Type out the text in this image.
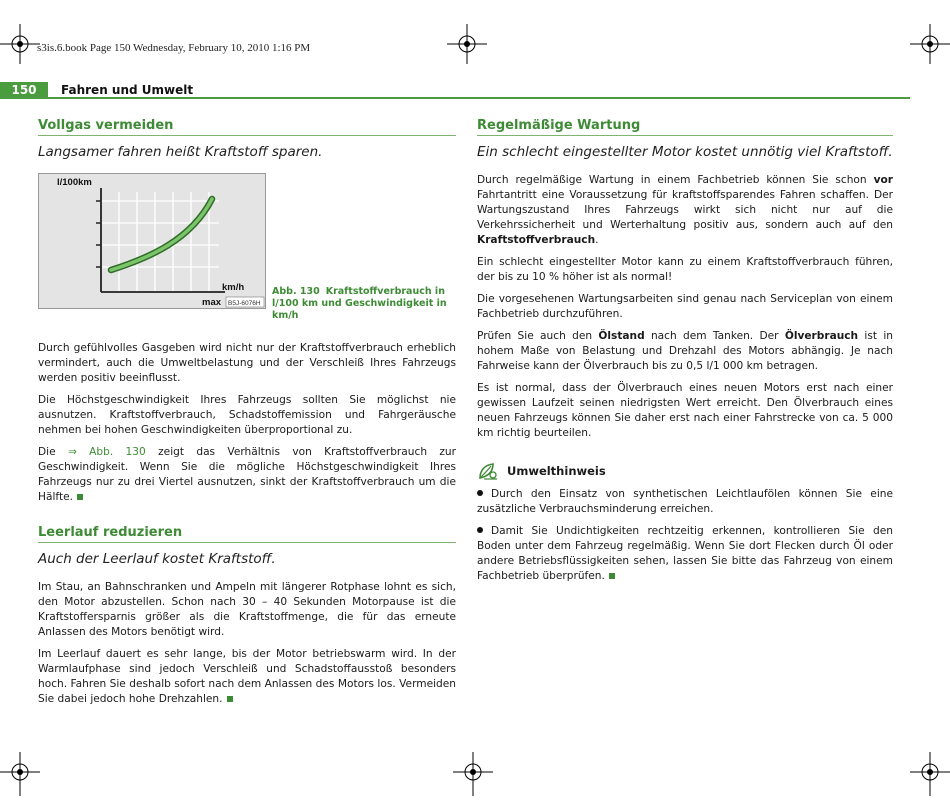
s3is.6.book Page 150 Wednesday, February 10, 2010 1:16 PM
150	Fahren und Umwelt
Vollgas vermeiden
Langsamer fahren heißt Kraftstoff sparen.
l/100km
km/h
max B5J-6076H
Abb. 130 Kraftstoffverbrauch in l/100 km und Geschwindigkeit in km/h

Durch gefühlvolles Gasgeben wird nicht nur der Kraftstoffverbrauch erheblich vermindert, auch die Umweltbelastung und der Verschleiß Ihres Fahrzeugs werden positiv beeinflusst.

Die Höchstgeschwindigkeit Ihres Fahrzeugs sollten Sie möglichst nie ausnutzen. Kraftstoffverbrauch, Schadstoffemission und Fahrgeräusche nehmen bei hohen Geschwindigkeiten überproportional zu.

Die ⇒ Abb. 130 zeigt das Verhältnis von Kraftstoffverbrauch zur Geschwindigkeit. Wenn Sie die mögliche Höchstgeschwindigkeit Ihres Fahrzeugs nur zu drei Viertel ausnutzen, sinkt der Kraftstoffverbrauch um die Hälfte.

Leerlauf reduzieren
Auch der Leerlauf kostet Kraftstoff.

Im Stau, an Bahnschranken und Ampeln mit längerer Rotphase lohnt es sich, den Motor abzustellen. Schon nach 30 – 40 Sekunden Motorpause ist die Kraftstoffersparnis größer als die Kraftstoffmenge, die für das erneute Anlassen des Motors benötigt wird.

Im Leerlauf dauert es sehr lange, bis der Motor betriebswarm wird. In der Warmlaufphase sind jedoch Verschleiß und Schadstoffausstoß besonders hoch. Fahren Sie deshalb sofort nach dem Anlassen des Motors los. Vermeiden Sie dabei jedoch hohe Drehzahlen.

Regelmäßige Wartung
Ein schlecht eingestellter Motor kostet unnötig viel Kraftstoff.

Durch regelmäßige Wartung in einem Fachbetrieb können Sie schon vor Fahrtantritt eine Voraussetzung für kraftstoffsparendes Fahren schaffen. Der Wartungszustand Ihres Fahrzeugs wirkt sich nicht nur auf die Verkehrssicherheit und Werterhaltung positiv aus, sondern auch auf den Kraftstoffverbrauch.

Ein schlecht eingestellter Motor kann zu einem Kraftstoffverbrauch führen, der bis zu 10 % höher ist als normal!

Die vorgesehenen Wartungsarbeiten sind genau nach Serviceplan von einem Fachbetrieb durchzuführen.

Prüfen Sie auch den Ölstand nach dem Tanken. Der Ölverbrauch ist in hohem Maße von Belastung und Drehzahl des Motors abhängig. Je nach Fahrweise kann der Ölverbrauch bis zu 0,5 l/1 000 km betragen.

Es ist normal, dass der Ölverbrauch eines neuen Motors erst nach einer gewissen Laufzeit seinen niedrigsten Wert erreicht. Den Ölverbrauch eines neuen Fahrzeugs können Sie daher erst nach einer Fahrstrecke von ca. 5 000 km richtig beurteilen.

Umwelthinweis

Durch den Einsatz von synthetischen Leichtlaufölen können Sie eine zusätzliche Verbrauchsminderung erreichen.

Damit Sie Undichtigkeiten rechtzeitig erkennen, kontrollieren Sie den Boden unter dem Fahrzeug regelmäßig. Wenn Sie dort Flecken durch Öl oder andere Betriebsflüssigkeiten sehen, lassen Sie bitte das Fahrzeug von einem Fachbetrieb überprüfen.
